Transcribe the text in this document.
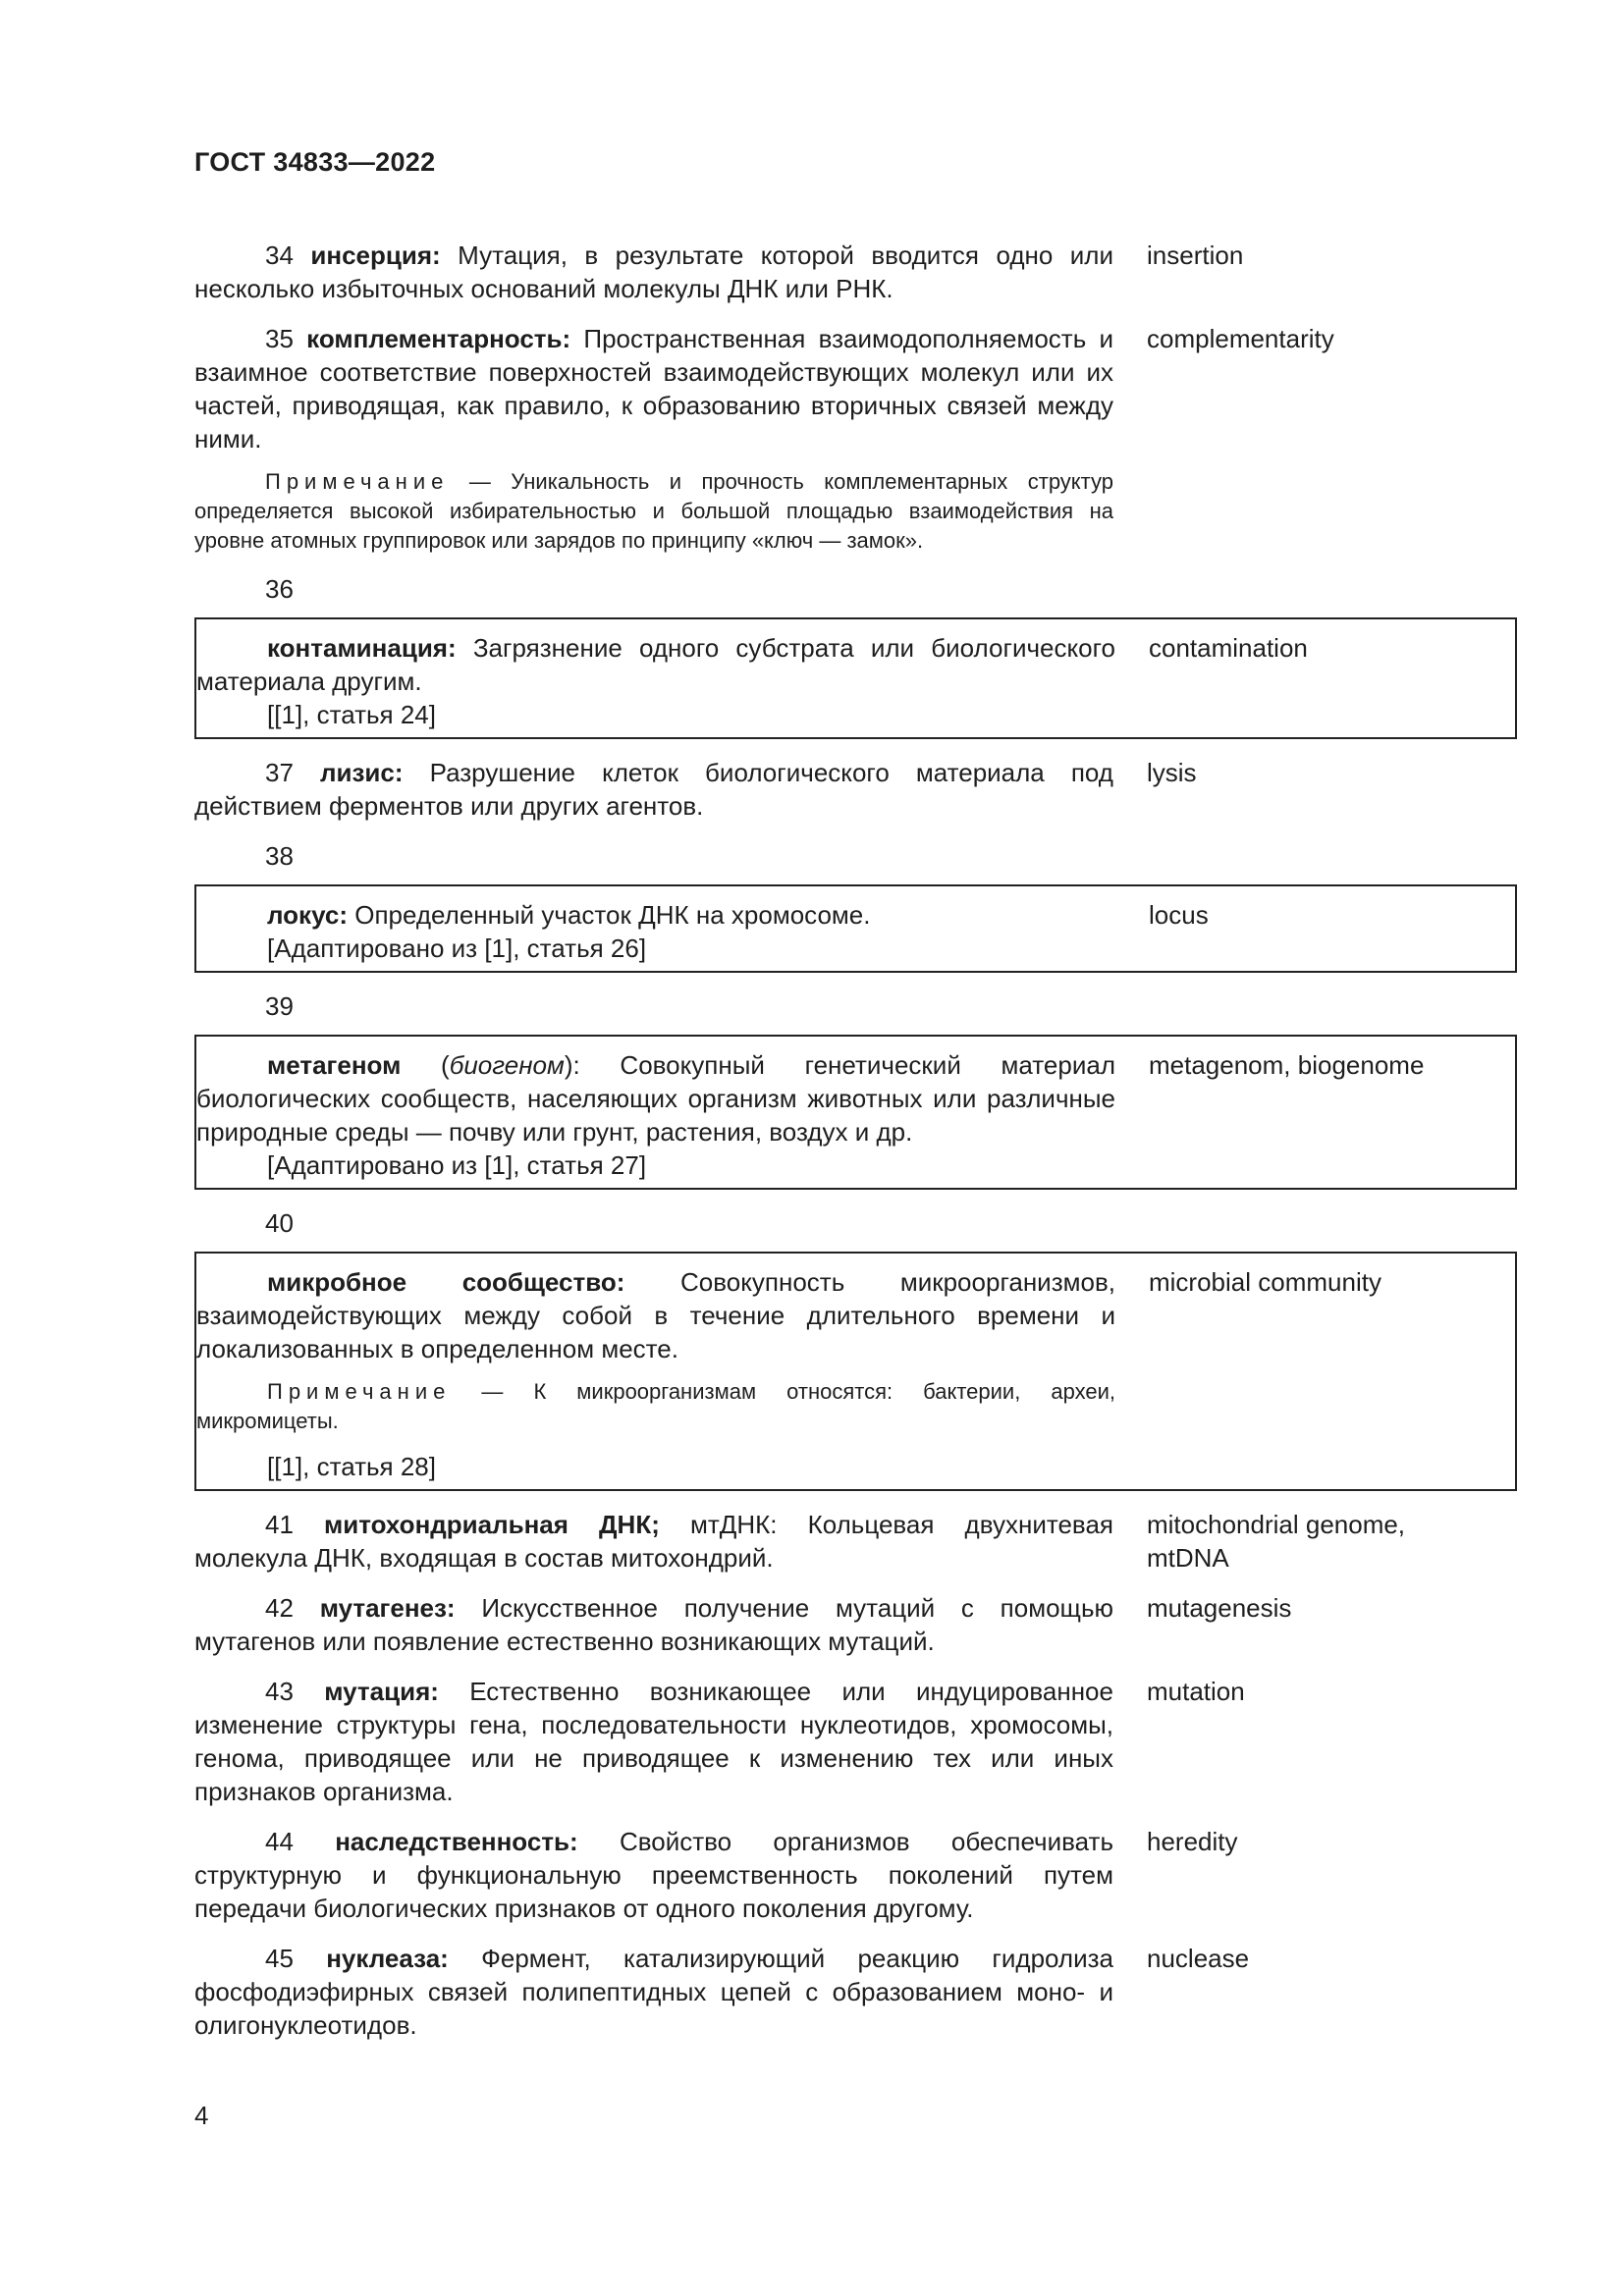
ГОСТ 34833—2022
34 инсерция: Мутация, в результате которой вводится одно или несколько избыточных оснований молекулы ДНК или РНК.
insertion
35 комплементарность: Пространственная взаимодополняемость и взаимное соответствие поверхностей взаимодействующих молекул или их частей, приводящая, как правило, к образованию вторичных связей между ними.
Примечание — Уникальность и прочность комплементарных структур определяется высокой избирательностью и большой площадью взаимодействия на уровне атомных группировок или зарядов по принципу «ключ — замок».
complementarity
36
контаминация: Загрязнение одного субстрата или биологического материала другим.
[[1], статья 24]
contamination
37 лизис: Разрушение клеток биологического материала под действием ферментов или других агентов.
lysis
38
локус: Определенный участок ДНК на хромосоме.
[Адаптировано из [1], статья 26]
locus
39
метагеном (биогеном): Совокупный генетический материал биологических сообществ, населяющих организм животных или различные природные среды — почву или грунт, растения, воздух и др.
[Адаптировано из [1], статья 27]
metagenom, biogenome
40
микробное сообщество: Совокупность микроорганизмов, взаимодействующих между собой в течение длительного времени и локализованных в определенном месте.
Примечание — К микроорганизмам относятся: бактерии, археи, микромицеты.
[[1], статья 28]
microbial community
41 митохондриальная ДНК; мтДНК: Кольцевая двухнитевая молекула ДНК, входящая в состав митохондрий.
mitochondrial genome, mtDNA
42 мутагенез: Искусственное получение мутаций с помощью мутагенов или появление естественно возникающих мутаций.
mutagenesis
43 мутация: Естественно возникающее или индуцированное изменение структуры гена, последовательности нуклеотидов, хромосомы, генома, приводящее или не приводящее к изменению тех или иных признаков организма.
mutation
44 наследственность: Свойство организмов обеспечивать структурную и функциональную преемственность поколений путем передачи биологических признаков от одного поколения другому.
heredity
45 нуклеаза: Фермент, катализирующий реакцию гидролиза фосфодиэфирных связей полипептидных цепей с образованием моно- и олигонуклеотидов.
nuclease
4
